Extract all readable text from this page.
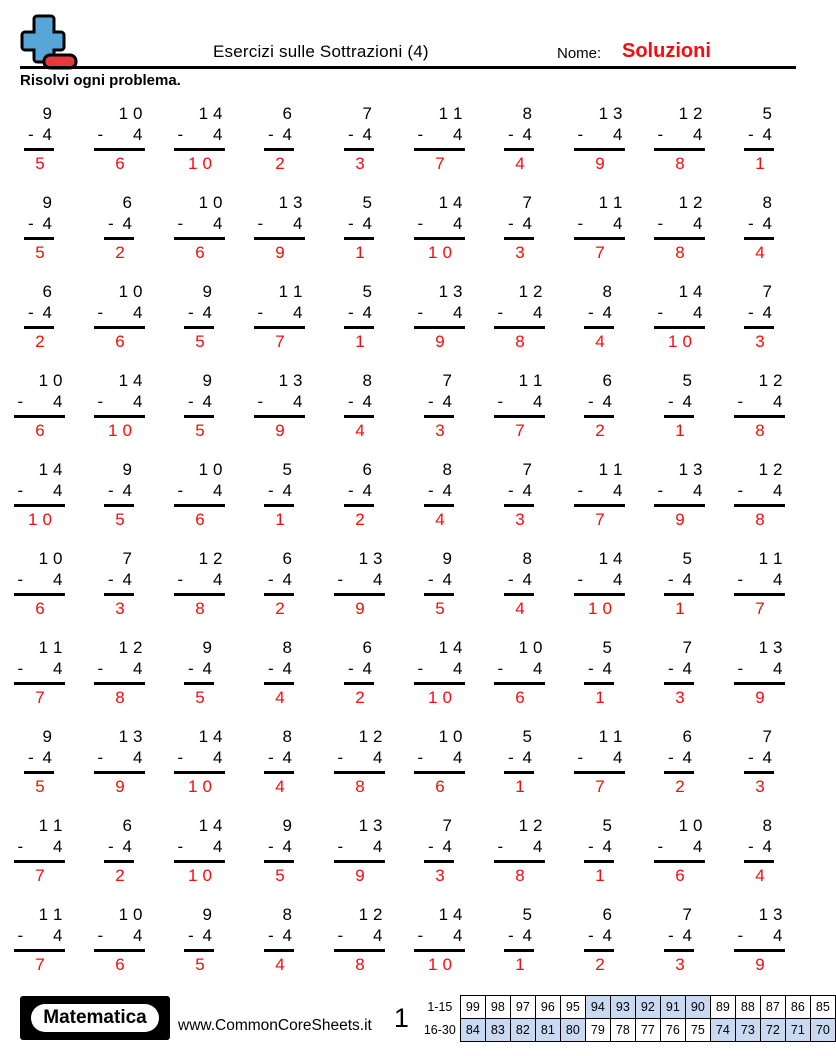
Esercizi sulle Sottrazioni (4)	Nome: Soluzioni
Risolvi ogni problema.
9
- 4
5
1 0
- 4
6
1 4
- 4
1 0
6
- 4
2
7
- 4
3
1 1
- 4
7
8
- 4
4
1 3
- 4
9
1 2
- 4
8
5
- 4
1
9
- 4
5
6
- 4
2
1 0
- 4
6
1 3
- 4
9
5
- 4
1
1 4
- 4
1 0
7
- 4
3
1 1
- 4
7
1 2
- 4
8
8
- 4
4
6
- 4
2
1 0
- 4
6
9
- 4
5
1 1
- 4
7
5
- 4
1
1 3
- 4
9
1 2
- 4
8
8
- 4
4
1 4
- 4
1 0
7
- 4
3
1 0
- 4
6
1 4
- 4
1 0
9
- 4
5
1 3
- 4
9
8
- 4
4
7
- 4
3
1 1
- 4
7
6
- 4
2
5
- 4
1
1 2
- 4
8
1 4
- 4
1 0
9
- 4
5
1 0
- 4
6
5
- 4
1
6
- 4
2
8
- 4
4
7
- 4
3
1 1
- 4
7
1 3
- 4
9
1 2
- 4
8
1 0
- 4
6
7
- 4
3
1 2
- 4
8
6
- 4
2
1 3
- 4
9
9
- 4
5
8
- 4
4
1 4
- 4
1 0
5
- 4
1
1 1
- 4
7
1 1
- 4
7
1 2
- 4
8
9
- 4
5
8
- 4
4
6
- 4
2
1 4
- 4
1 0
1 0
- 4
6
5
- 4
1
7
- 4
3
1 3
- 4
9
9
- 4
5
1 3
- 4
9
1 4
- 4
1 0
8
- 4
4
1 2
- 4
8
1 0
- 4
6
5
- 4
1
1 1
- 4
7
6
- 4
2
7
- 4
3
1 1
- 4
7
6
- 4
2
1 4
- 4
1 0
9
- 4
5
1 3
- 4
9
7
- 4
3
1 2
- 4
8
5
- 4
1
1 0
- 4
6
8
- 4
4
1 1
- 4
7
1 0
- 4
6
9
- 4
5
8
- 4
4
1 2
- 4
8
1 4
- 4
1 0
5
- 4
1
6
- 4
2
7
- 4
3
1 3
- 4
9
Matematica	www.CommonCoreSheets.it 1 1-15	99	98	97	96	95	94	93	92	91	90	89	88	87	86	85
16-30	84	83	82	81	80	79	78	77	76	75	74	73	72	71	70
